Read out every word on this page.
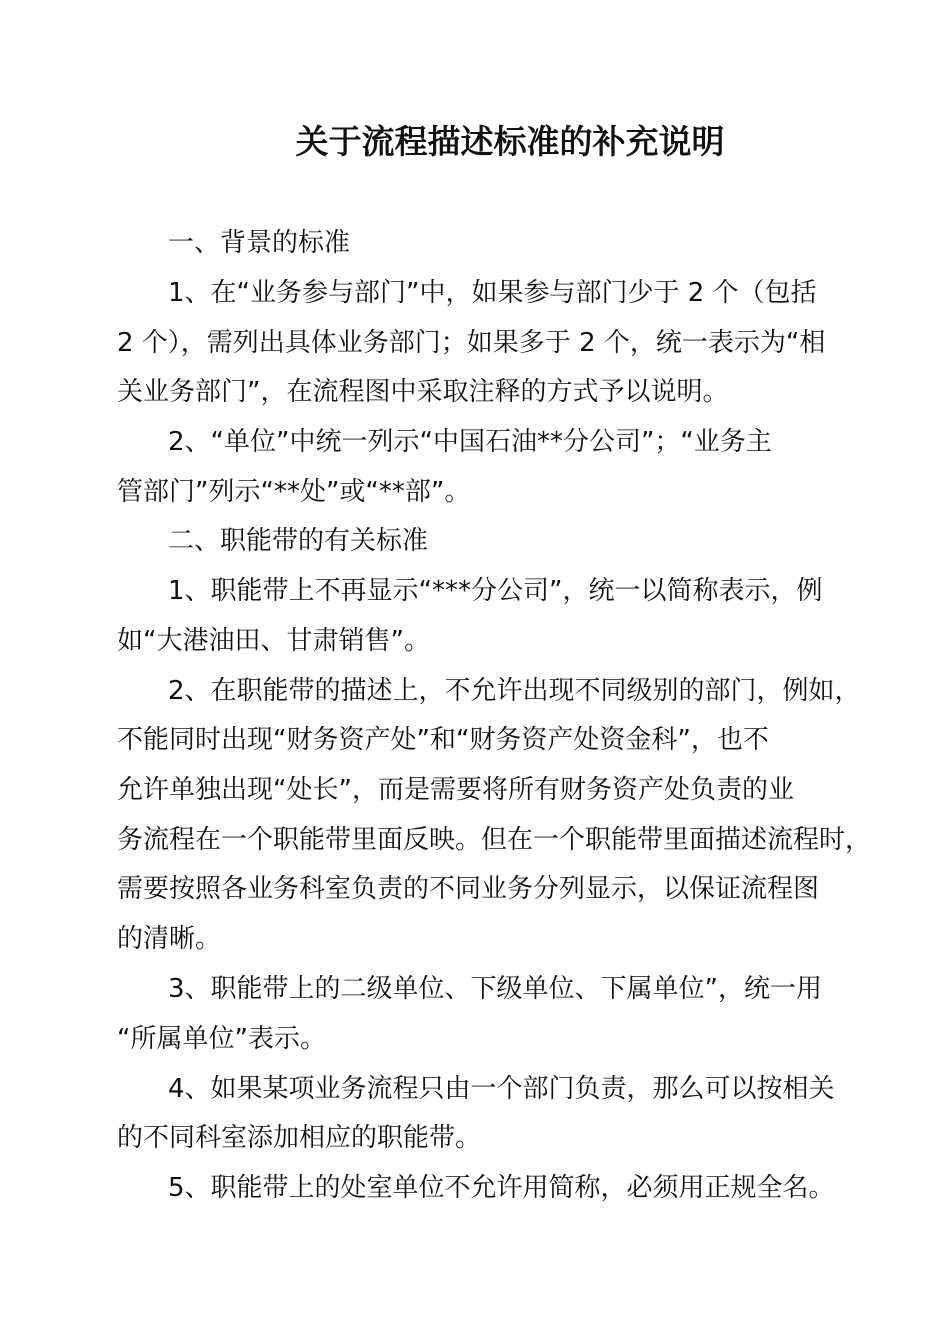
关于流程描述标准的补充说明
一、背景的标准
1、在“业务参与部门”中，如果参与部门少于 2 个（包括
2 个），需列出具体业务部门；如果多于 2 个，统一表示为“相
关业务部门”，在流程图中采取注释的方式予以说明。
2、“单位”中统一列示“中国石油**分公司”；“业务主
管部门”列示“**处”或“**部”。
二、职能带的有关标准
1、职能带上不再显示“***分公司”，统一以简称表示，例
如“大港油田、甘肃销售”。
2、在职能带的描述上，不允许出现不同级别的部门，例如，
不能同时出现“财务资产处”和“财务资产处资金科”，也不
允许单独出现“处长”，而是需要将所有财务资产处负责的业
务流程在一个职能带里面反映。但在一个职能带里面描述流程时，
需要按照各业务科室负责的不同业务分列显示，以保证流程图
的清晰。
3、职能带上的二级单位、下级单位、下属单位”，统一用
“所属单位”表示。
4、如果某项业务流程只由一个部门负责，那么可以按相关
的不同科室添加相应的职能带。
5、职能带上的处室单位不允许用简称，必须用正规全名。
